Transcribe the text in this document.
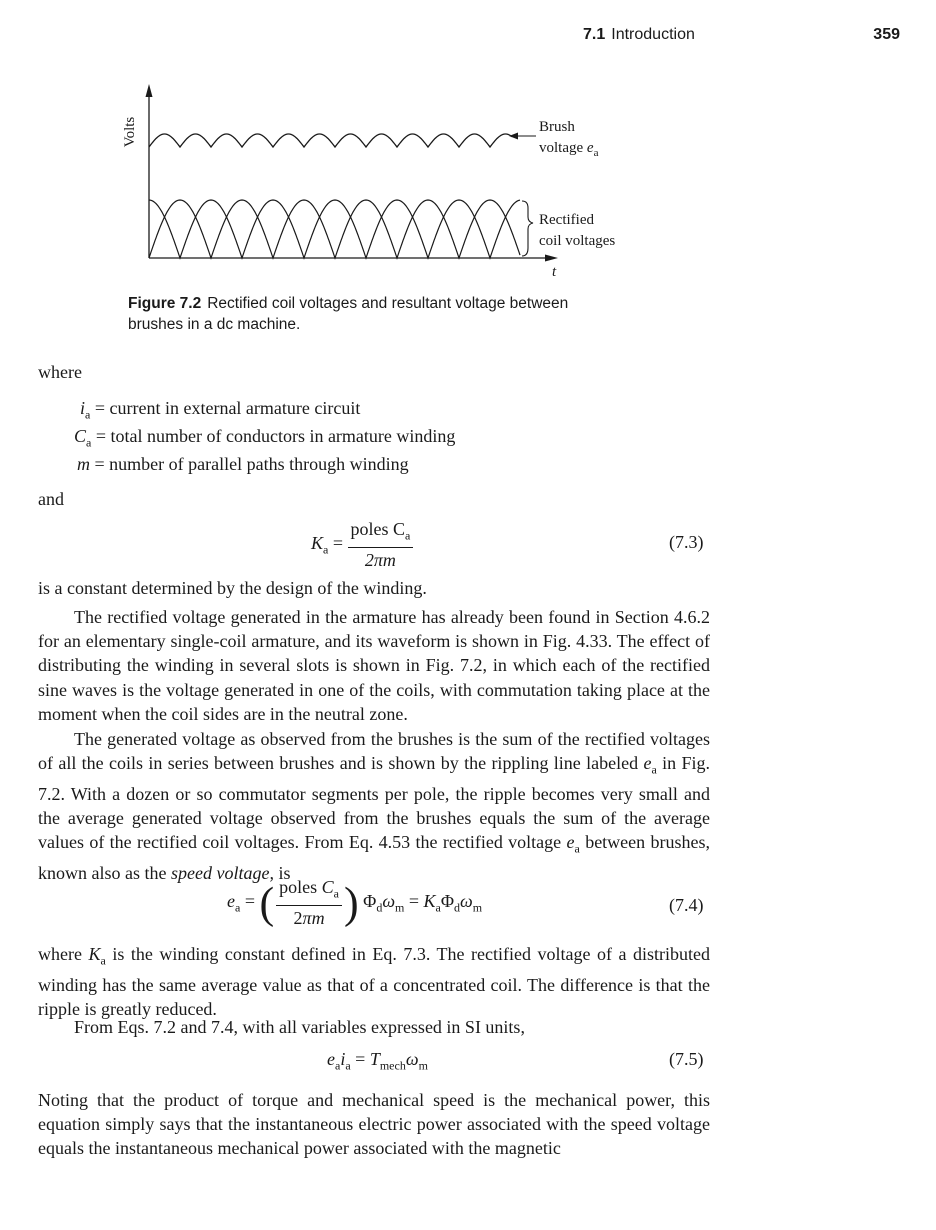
7.1 Introduction	359
Volts
t
Brush
voltage $e_a$
Rectified
coil voltages
Figure 7.2 Rectified coil voltages and resultant voltage between brushes in a dc machine.
where
$i_a$ = current in external armature circuit
$C_a$ = total number of conductors in armature winding
m = number of parallel paths through winding
and
$K_a = \frac{poles C_a}{2\pi m}$	(7.3)
is a constant determined by the design of the winding.
The rectified voltage generated in the armature has already been found in Section 4.6.2 for an elementary single-coil armature, and its waveform is shown in Fig. 4.33. The effect of distributing the winding in several slots is shown in Fig. 7.2, in which each of the rectified sine waves is the voltage generated in one of the coils, with commutation taking place at the moment when the coil sides are in the neutral zone.
The generated voltage as observed from the brushes is the sum of the rectified voltages of all the coils in series between brushes and is shown by the rippling line labeled $e_a$ in Fig. 7.2. With a dozen or so commutator segments per pole, the ripple becomes very small and the average generated voltage observed from the brushes equals the sum of the average values of the rectified coil voltages. From Eq. 4.53 the rectified voltage $e_a$ between brushes, known also as the speed voltage, is
$e_a$ = ( $\frac{poles C_a}{2\pi m}$ ) $\Phi_d\omega_m = K_a\Phi_d\omega_m$	(7.4)
where $K_a$ is the winding constant defined in Eq. 7.3. The rectified voltage of a distributed winding has the same average value as that of a concentrated coil. The difference is that the ripple is greatly reduced.
From Eqs. 7.2 and 7.4, with all variables expressed in SI units,
$e_ai_a = T_{mech}\omega_m$	(7.5)
Noting that the product of torque and mechanical speed is the mechanical power, this equation simply says that the instantaneous electric power associated with the speed voltage equals the instantaneous mechanical power associated with the magnetic
